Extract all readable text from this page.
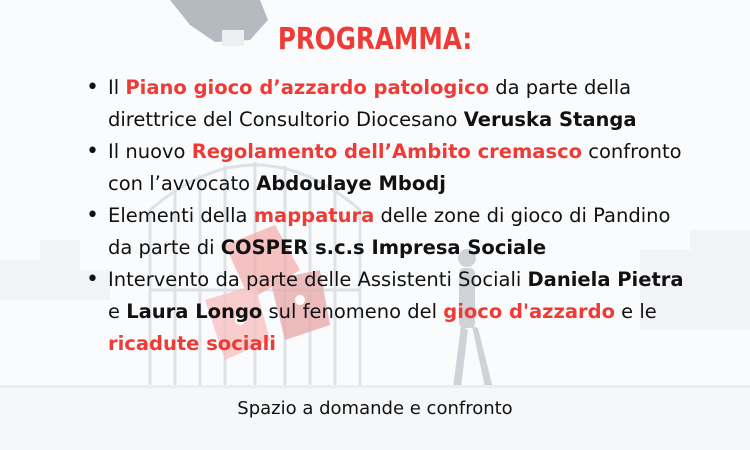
PROGRAMMA:
• Il Piano gioco d’azzardo patologico da parte della direttrice del Consultorio Diocesano Veruska Stanga
• Il nuovo Regolamento dell’Ambito cremasco confronto con l’avvocato Abdoulaye Mbodj
• Elementi della mappatura delle zone di gioco di Pandino da parte di COSPER s.c.s Impresa Sociale
• Intervento da parte delle Assistenti Sociali Daniela Pietra e Laura Longo sul fenomeno del gioco d'azzardo e le ricadute sociali
Spazio a domande e confronto
